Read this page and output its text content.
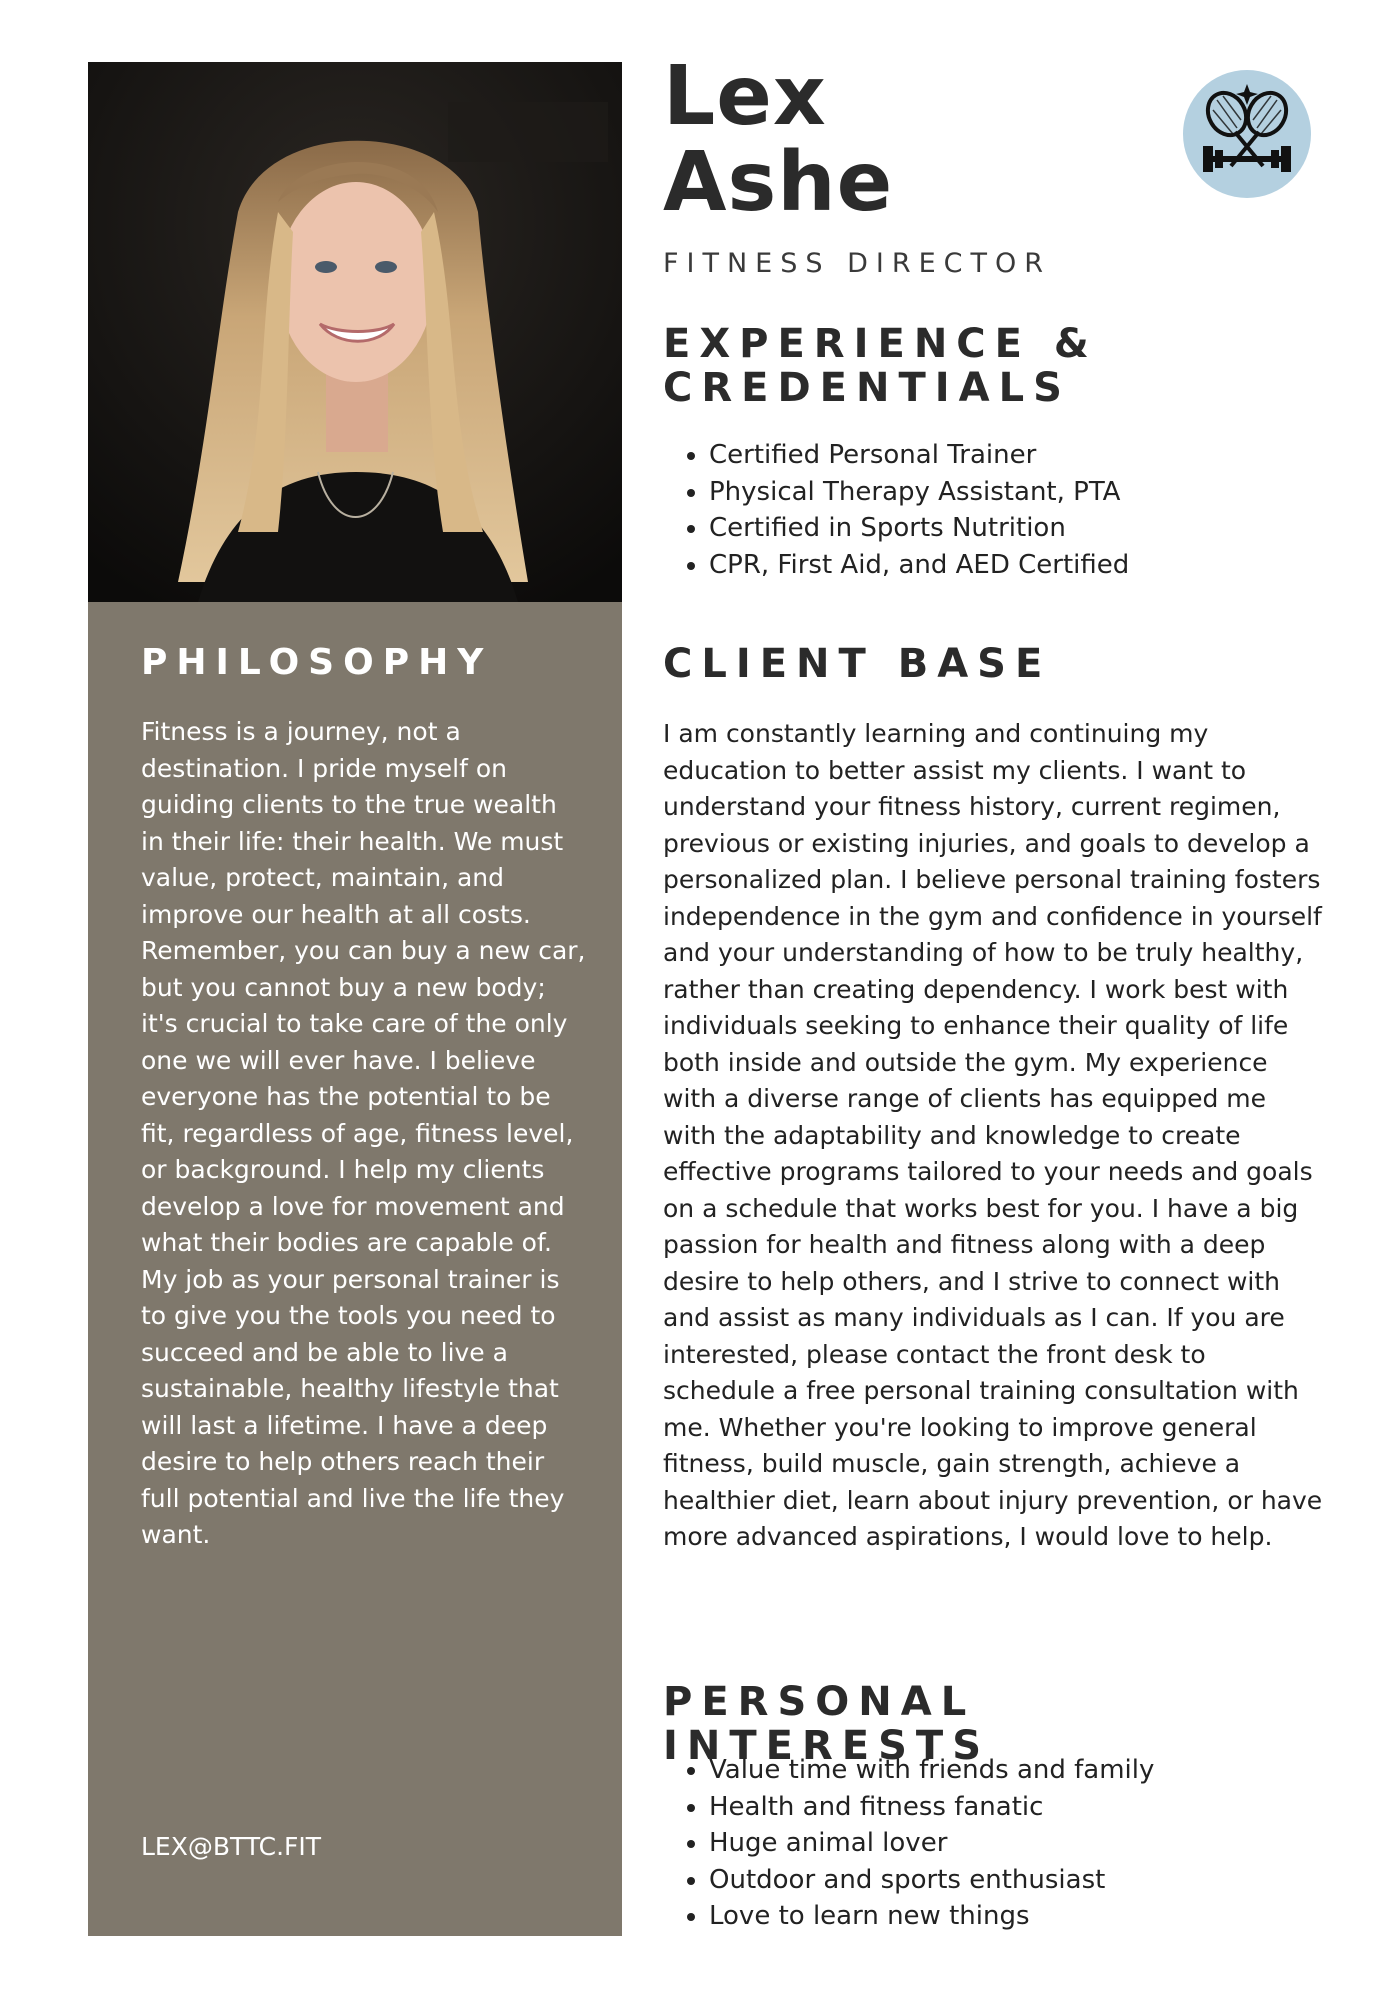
PHILOSOPHY

Fitness is a journey, not a destination. I pride myself on guiding clients to the true wealth in their life: their health. We must value, protect, maintain, and improve our health at all costs. Remember, you can buy a new car, but you cannot buy a new body; it's crucial to take care of the only one we will ever have. I believe everyone has the potential to be fit, regardless of age, fitness level, or background. I help my clients develop a love for movement and what their bodies are capable of. My job as your personal trainer is to give you the tools you need to succeed and be able to live a sustainable, healthy lifestyle that will last a lifetime. I have a deep desire to help others reach their full potential and live the life they want.

LEX@BTTC.FIT
Lex
Ashe
FITNESS DIRECTOR
EXPERIENCE &
CREDENTIALS
• Certified Personal Trainer
• Physical Therapy Assistant, PTA
• Certified in Sports Nutrition
• CPR, First Aid, and AED Certified
CLIENT BASE

I am constantly learning and continuing my education to better assist my clients. I want to understand your fitness history, current regimen, previous or existing injuries, and goals to develop a personalized plan. I believe personal training fosters independence in the gym and confidence in yourself and your understanding of how to be truly healthy, rather than creating dependency. I work best with individuals seeking to enhance their quality of life both inside and outside the gym. My experience with a diverse range of clients has equipped me with the adaptability and knowledge to create effective programs tailored to your needs and goals on a schedule that works best for you. I have a big passion for health and fitness along with a deep desire to help others, and I strive to connect with and assist as many individuals as I can. If you are interested, please contact the front desk to schedule a free personal training consultation with me. Whether you're looking to improve general fitness, build muscle, gain strength, achieve a healthier diet, learn about injury prevention, or have more advanced aspirations, I would love to help.

PERSONAL INTERESTS
• Value time with friends and family
• Health and fitness fanatic
• Huge animal lover
• Outdoor and sports enthusiast
• Love to learn new things
